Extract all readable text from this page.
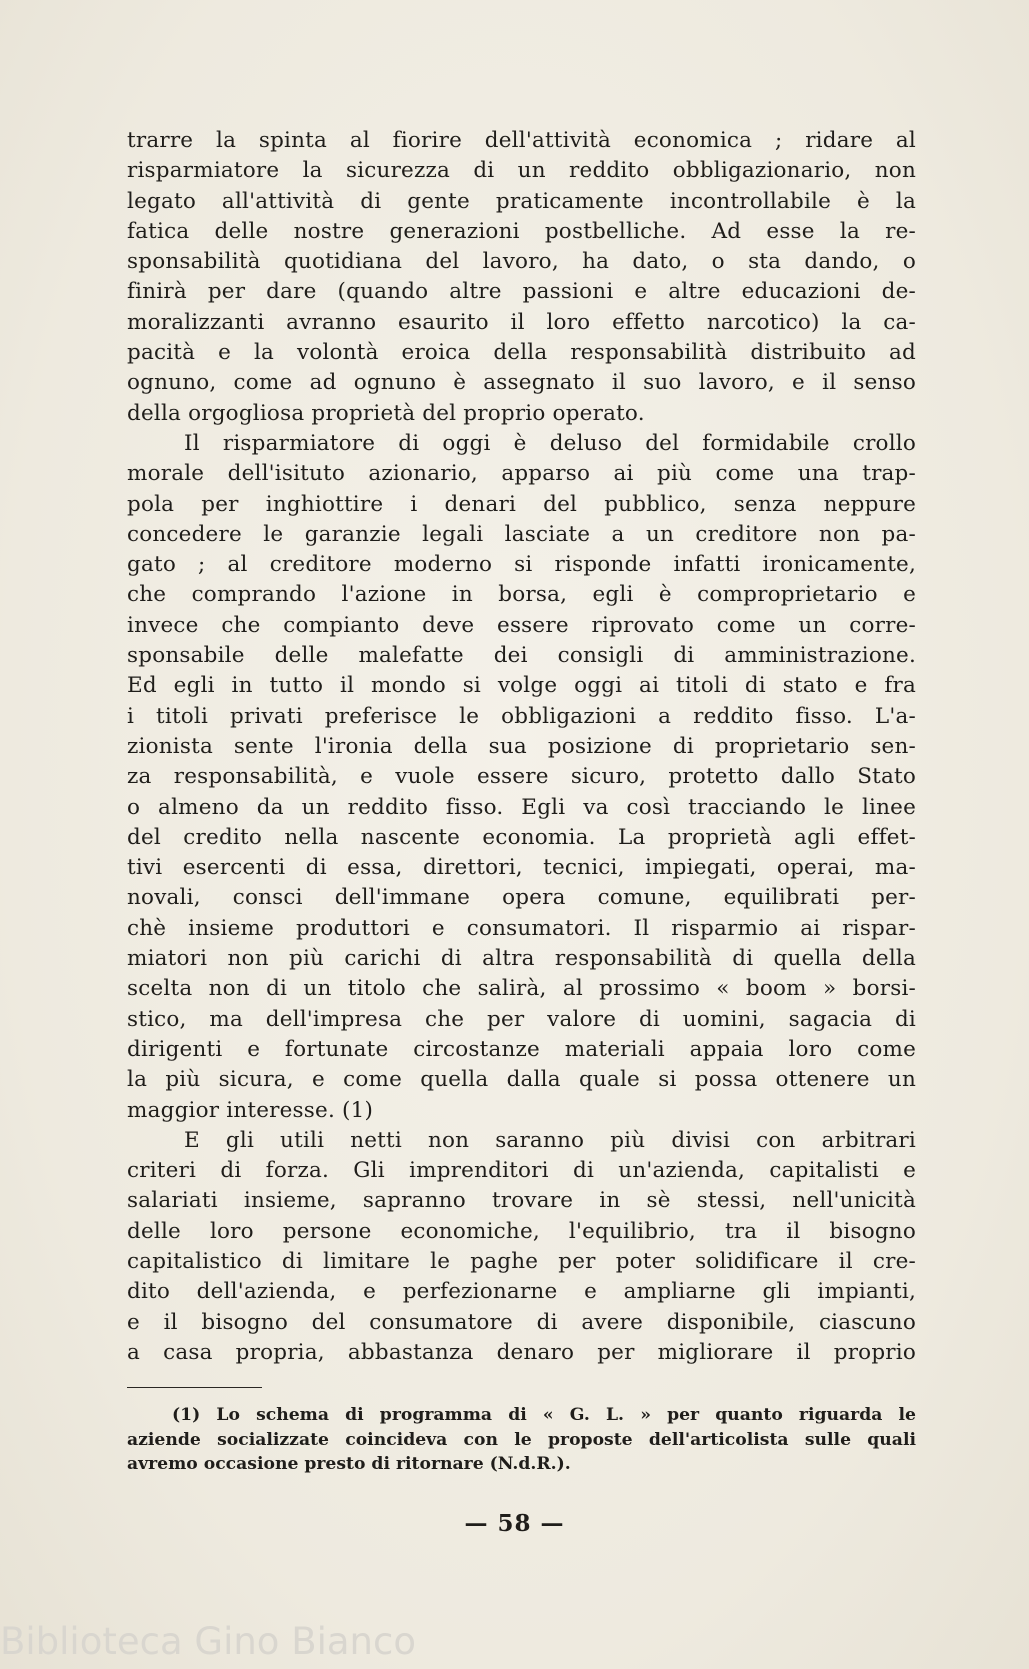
trarre la spinta al fiorire dell'attività economica ; ridare al
risparmiatore la sicurezza di un reddito obbligazionario, non
legato all'attività di gente praticamente incontrollabile è la
fatica delle nostre generazioni postbelliche. Ad esse la re-
sponsabilità quotidiana del lavoro, ha dato, o sta dando, o
finirà per dare (quando altre passioni e altre educazioni de-
moralizzanti avranno esaurito il loro effetto narcotico) la ca-
pacità e la volontà eroica della responsabilità distribuito ad
ognuno, come ad ognuno è assegnato il suo lavoro, e il senso
della orgogliosa proprietà del proprio operato.
Il risparmiatore di oggi è deluso del formidabile crollo
morale dell'isituto azionario, apparso ai più come una trap-
pola per inghiottire i denari del pubblico, senza neppure
concedere le garanzie legali lasciate a un creditore non pa-
gato ; al creditore moderno si risponde infatti ironicamente,
che comprando l'azione in borsa, egli è comproprietario e
invece che compianto deve essere riprovato come un corre-
sponsabile delle malefatte dei consigli di amministrazione.
Ed egli in tutto il mondo si volge oggi ai titoli di stato e fra
i titoli privati preferisce le obbligazioni a reddito fisso. L'a-
zionista sente l'ironia della sua posizione di proprietario sen-
za responsabilità, e vuole essere sicuro, protetto dallo Stato
o almeno da un reddito fisso. Egli va così tracciando le linee
del credito nella nascente economia. La proprietà agli effet-
tivi esercenti di essa, direttori, tecnici, impiegati, operai, ma-
novali, consci dell'immane opera comune, equilibrati per-
chè insieme produttori e consumatori. Il risparmio ai rispar-
miatori non più carichi di altra responsabilità di quella della
scelta non di un titolo che salirà, al prossimo « boom » borsi-
stico, ma dell'impresa che per valore di uomini, sagacia di
dirigenti e fortunate circostanze materiali appaia loro come
la più sicura, e come quella dalla quale si possa ottenere un
maggior interesse. (1)
E gli utili netti non saranno più divisi con arbitrari
criteri di forza. Gli imprenditori di un'azienda, capitalisti e
salariati insieme, sapranno trovare in sè stessi, nell'unicità
delle loro persone economiche, l'equilibrio, tra il bisogno
capitalistico di limitare le paghe per poter solidificare il cre-
dito dell'azienda, e perfezionarne e ampliarne gli impianti,
e il bisogno del consumatore di avere disponibile, ciascuno
a casa propria, abbastanza denaro per migliorare il proprio
(1) Lo schema di programma di « G. L. » per quanto riguarda le
aziende socializzate coincideva con le proposte dell'articolista sulle quali
avremo occasione presto di ritornare (N.d.R.).
— 58 —
Biblioteca Gino Bianco
